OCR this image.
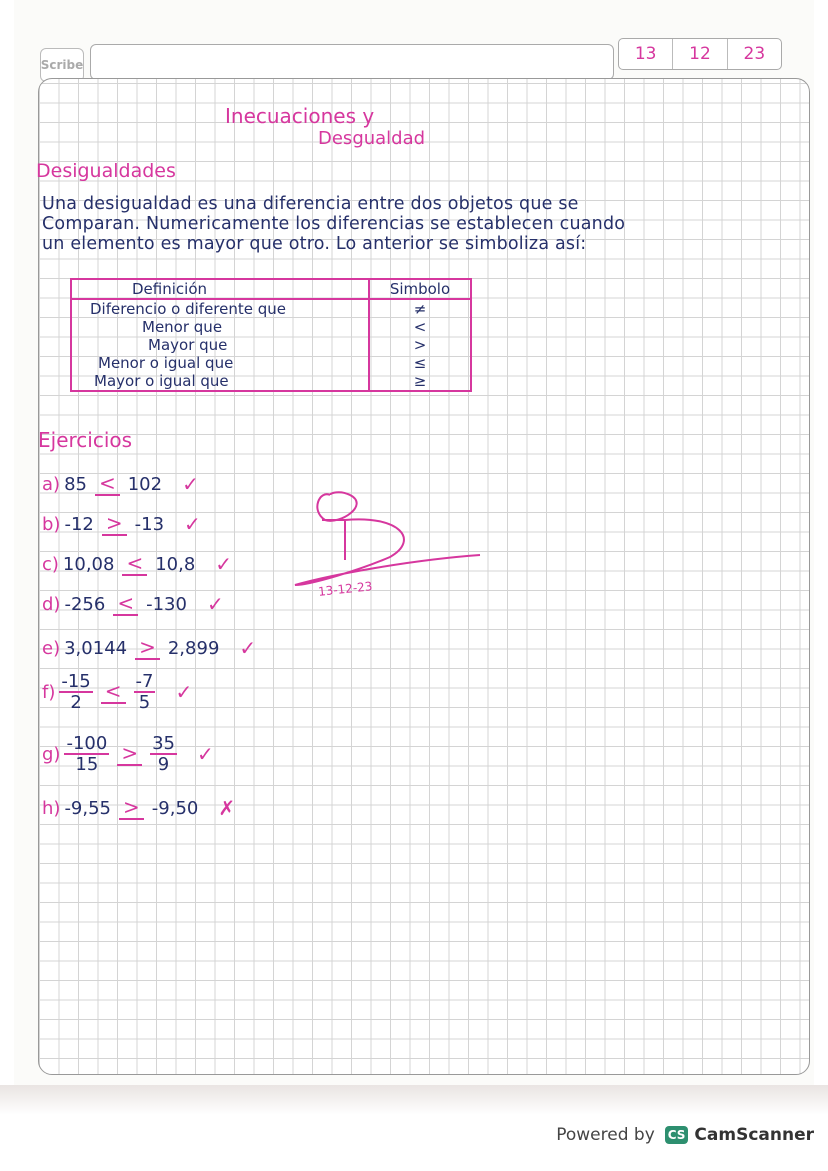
Scribe
13	12	23
Inecuaciones y
Desgualdad
Desigualdades
Una desigualdad es una diferencia entre dos objetos que se
Comparan. Numericamente los diferencias se establecen cuando
un elemento es mayor que otro. Lo anterior se simboliza así:
Definición	Simbolo
Diferencio o diferente que	≠
Menor que	<
Mayor que	>
Menor o igual que	≤
Mayor o igual que	≥
Ejercicios
a) 85 < 102 ✓
b) -12 > -13 ✓
c) 10,08 < 10,8 ✓
d) -256 < -130 ✓
e) 3,0144 > 2,899 ✓
$f) \frac{-15}{2} < \frac{-7}{5}$ ✓
$g) \frac{-100}{15} > \frac{35}{9}$ ✓
h) -9,55 > -9,50 ✗
13-12-23
Powered by CS CamScanner
